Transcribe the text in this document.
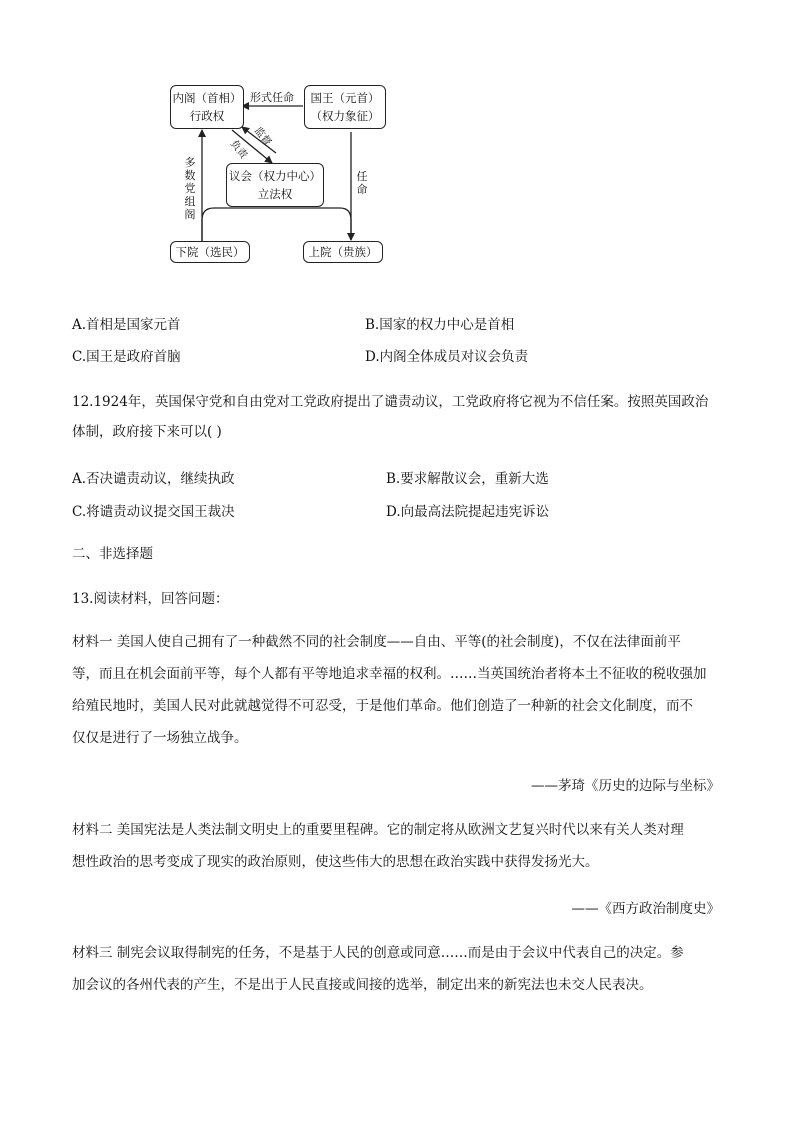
内阁（首相）
行政权
国王（元首）
（权力象征）
议会（权力中心）
立法权
下院（选民）	上院（贵族）
形式任命
多数党组阁
任命
负责
监督
A.首相是国家元首	B.国家的权力中心是首相
C.国王是政府首脑	D.内阁全体成员对议会负责
12.1924年，英国保守党和自由党对工党政府提出了谴责动议，工党政府将它视为不信任案。按照英国政治
体制，政府接下来可以( )
A.否决谴责动议，继续执政	B.要求解散议会，重新大选
C.将谴责动议提交国王裁决	D.向最高法院提起违宪诉讼
二、非选择题
13.阅读材料，回答问题：
材料一 美国人使自己拥有了一种截然不同的社会制度——自由、平等(的社会制度)，不仅在法律面前平
等，而且在机会面前平等，每个人都有平等地追求幸福的权利。……当英国统治者将本土不征收的税收强加
给殖民地时，美国人民对此就越觉得不可忍受，于是他们革命。他们创造了一种新的社会文化制度，而不
仅仅是进行了一场独立战争。
——茅琦《历史的边际与坐标》
材料二 美国宪法是人类法制文明史上的重要里程碑。它的制定将从欧洲文艺复兴时代以来有关人类对理
想性政治的思考变成了现实的政治原则，使这些伟大的思想在政治实践中获得发扬光大。
——《西方政治制度史》
材料三 制宪会议取得制宪的任务，不是基于人民的创意或同意……而是由于会议中代表自己的决定。参
加会议的各州代表的产生，不是出于人民直接或间接的选举，制定出来的新宪法也未交人民表决。
